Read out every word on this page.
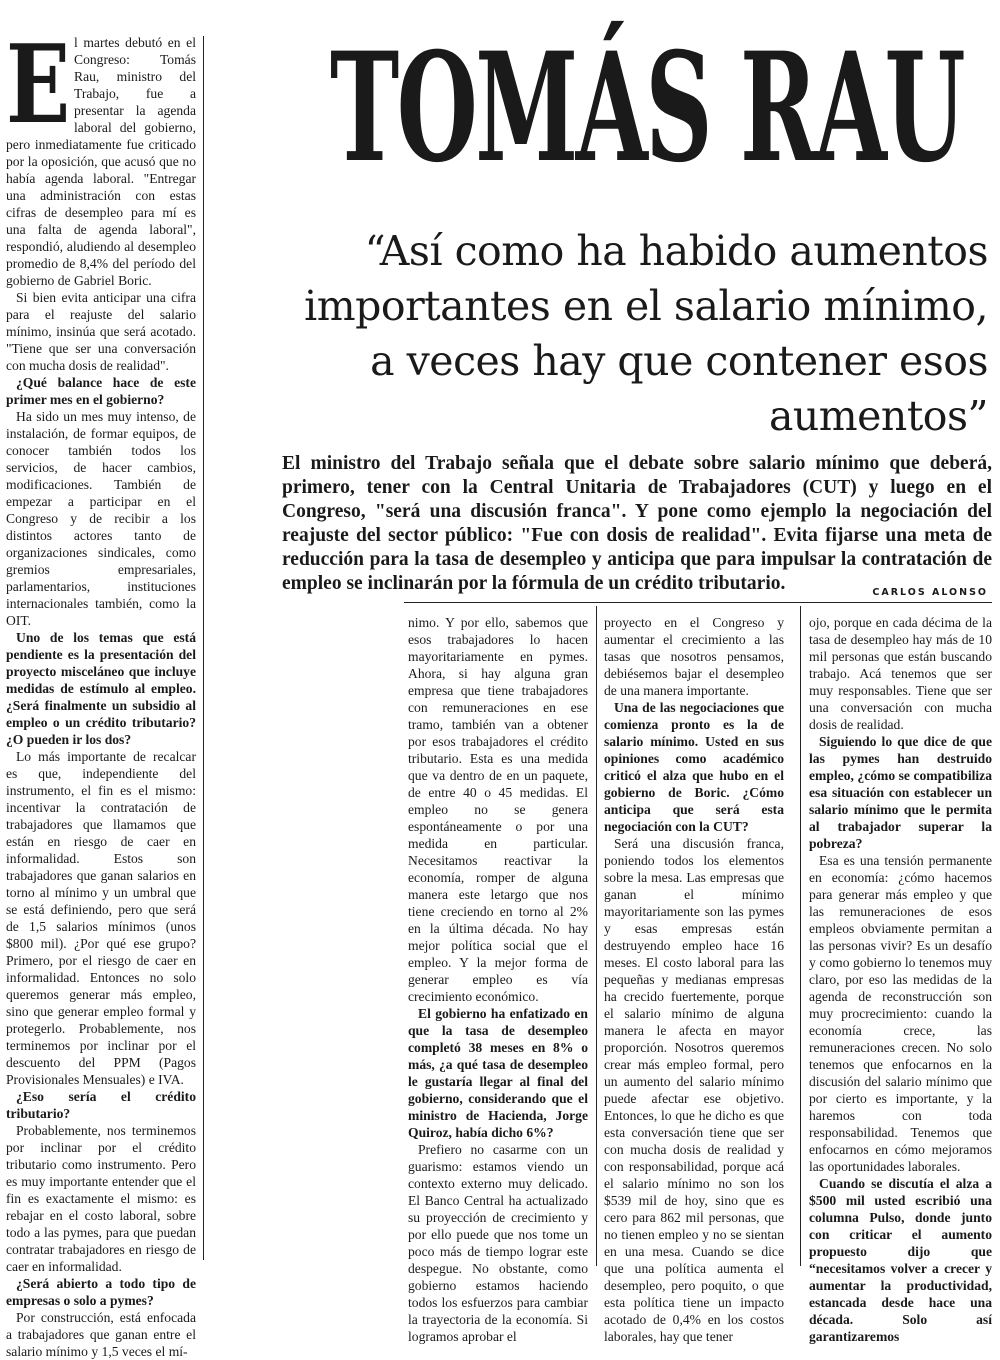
TOMÁS RAU
“Así como ha habido aumentos importantes en el salario mínimo, a veces hay que contener esos aumentos”
El ministro del Trabajo señala que el debate sobre salario mínimo que deberá, primero, tener con la Central Unitaria de Trabajadores (CUT) y luego en el Congreso, "será una discusión franca". Y pone como ejemplo la negociación del reajuste del sector público: "Fue con dosis de realidad". Evita fijarse una meta de reducción para la tasa de desempleo y anticipa que para impulsar la contratación de empleo se inclinarán por la fórmula de un crédito tributario.	CARLOS ALONSO
E l martes debutó en el Congreso: Tomás Rau, ministro del Trabajo, fue a presentar la agenda laboral del gobierno, pero inmediatamente fue criticado por la oposición, que acusó que no había agenda laboral. "Entregar una administración con estas cifras de desempleo para mí es una falta de agenda laboral", respondió, aludiendo al desempleo promedio de 8,4% del período del gobierno de Gabriel Boric.

Si bien evita anticipar una cifra para el reajuste del salario mínimo, insinúa que será acotado. "Tiene que ser una conversación con mucha dosis de realidad".

¿Qué balance hace de este primer mes en el gobierno?

Ha sido un mes muy intenso, de instalación, de formar equipos, de conocer también todos los servicios, de hacer cambios, modificaciones. También de empezar a participar en el Congreso y de recibir a los distintos actores tanto de organizaciones sindicales, como gremios empresariales, parlamentarios, instituciones internacionales también, como la OIT.

Uno de los temas que está pendiente es la presentación del proyecto misceláneo que incluye medidas de estímulo al empleo. ¿Será finalmente un subsidio al empleo o un crédito tributario? ¿O pueden ir los dos?

Lo más importante de recalcar es que, independiente del instrumento, el fin es el mismo: incentivar la contratación de trabajadores que llamamos que están en riesgo de caer en informalidad. Estos son trabajadores que ganan salarios en torno al mínimo y un umbral que se está definiendo, pero que será de 1,5 salarios mínimos (unos $800 mil). ¿Por qué ese grupo? Primero, por el riesgo de caer en informalidad. Entonces no solo queremos generar más empleo, sino que generar empleo formal y protegerlo. Probablemente, nos terminemos por inclinar por el descuento del PPM (Pagos Provisionales Mensuales) e IVA.

¿Eso sería el crédito tributario?

Probablemente, nos terminemos por inclinar por el crédito tributario como instrumento. Pero es muy importante entender que el fin es exactamente el mismo: es rebajar en el costo laboral, sobre todo a las pymes, para que puedan contratar trabajadores en riesgo de caer en informalidad.

¿Será abierto a todo tipo de empresas o solo a pymes?

Por construcción, está enfocada a trabajadores que ganan entre el salario mínimo y 1,5 veces el mí-

nimo. Y por ello, sabemos que esos trabajadores lo hacen mayoritariamente en pymes. Ahora, si hay alguna gran empresa que tiene trabajadores con remuneraciones en ese tramo, también van a obtener por esos trabajadores el crédito tributario. Esta es una medida que va dentro de en un paquete, de entre 40 o 45 medidas. El empleo no se genera espontáneamente o por una medida en particular. Necesitamos reactivar la economía, romper de alguna manera este letargo que nos tiene creciendo en torno al 2% en la última década. No hay mejor política social que el empleo. Y la mejor forma de generar empleo es vía crecimiento económico.

El gobierno ha enfatizado en que la tasa de desempleo completó 38 meses en 8% o más, ¿a qué tasa de desempleo le gustaría llegar al final del gobierno, considerando que el ministro de Hacienda, Jorge Quiroz, había dicho 6%?

Prefiero no casarme con un guarismo: estamos viendo un contexto externo muy delicado. El Banco Central ha actualizado su proyección de crecimiento y por ello puede que nos tome un poco más de tiempo lograr este despegue. No obstante, como gobierno estamos haciendo todos los esfuerzos para cambiar la trayectoria de la economía. Si logramos aprobar el

proyecto en el Congreso y aumentar el crecimiento a las tasas que nosotros pensamos, debiésemos bajar el desempleo de una manera importante.

Una de las negociaciones que comienza pronto es la de salario mínimo. Usted en sus opiniones como académico criticó el alza que hubo en el gobierno de Boric. ¿Cómo anticipa que será esta negociación con la CUT?

Será una discusión franca, poniendo todos los elementos sobre la mesa. Las empresas que ganan el mínimo mayoritariamente son las pymes y esas empresas están destruyendo empleo hace 16 meses. El costo laboral para las pequeñas y medianas empresas ha crecido fuertemente, porque el salario mínimo de alguna manera le afecta en mayor proporción. Nosotros queremos crear más empleo formal, pero un aumento del salario mínimo puede afectar ese objetivo. Entonces, lo que he dicho es que esta conversación tiene que ser con mucha dosis de realidad y con responsabilidad, porque acá el salario mínimo no son los $539 mil de hoy, sino que es cero para 862 mil personas, que no tienen empleo y no se sientan en una mesa. Cuando se dice que una política aumenta el desempleo, pero poquito, o que esta política tiene un impacto acotado de 0,4% en los costos laborales, hay que tener

ojo, porque en cada décima de la tasa de desempleo hay más de 10 mil personas que están buscando trabajo. Acá tenemos que ser muy responsables. Tiene que ser una conversación con mucha dosis de realidad.

Siguiendo lo que dice de que las pymes han destruido empleo, ¿cómo se compatibiliza esa situación con establecer un salario mínimo que le permita al trabajador superar la pobreza?

Esa es una tensión permanente en economía: ¿cómo hacemos para generar más empleo y que las remuneraciones de esos empleos obviamente permitan a las personas vivir? Es un desafío y como gobierno lo tenemos muy claro, por eso las medidas de la agenda de reconstrucción son muy procrecimiento: cuando la economía crece, las remuneraciones crecen. No solo tenemos que enfocarnos en la discusión del salario mínimo que por cierto es importante, y la haremos con toda responsabilidad. Tenemos que enfocarnos en cómo mejoramos las oportunidades laborales.

Cuando se discutía el alza a $500 mil usted escribió una columna Pulso, donde junto con criticar el aumento propuesto dijo que “necesitamos volver a crecer y aumentar la productividad, estancada desde hace una década. Solo así garantizaremos
